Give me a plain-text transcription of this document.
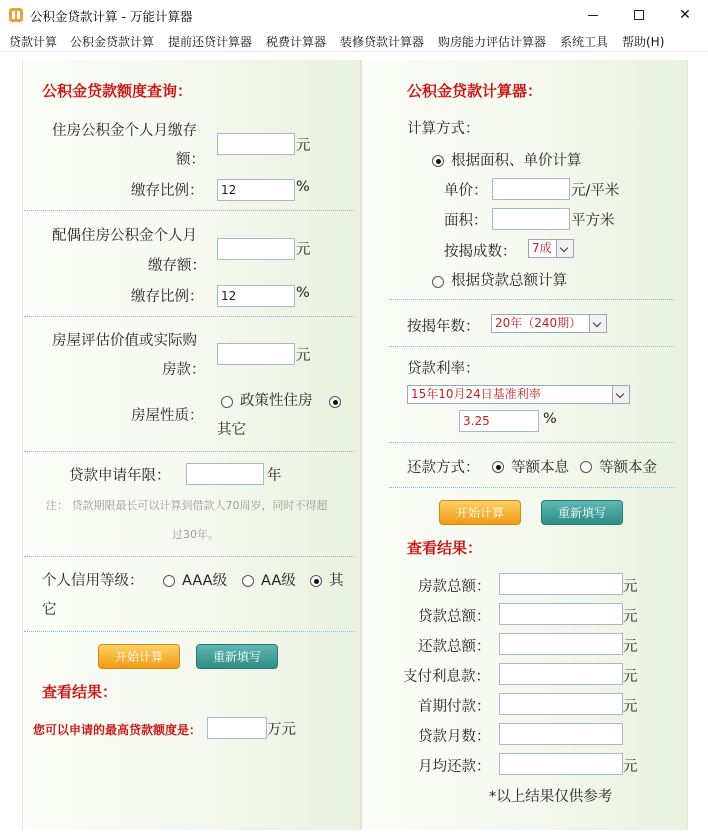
公积金贷款计算 - 万能计算器	✕
贷款计算 公积金贷款计算 提前还贷计算器 税费计算器 装修贷款计算器 购房能力评估计算器 系统工具 帮助(H)
公积金贷款额度查询：
住房公积金个人月缴存
额：
元
缴存比例：
12	%
配偶住房公积金个人月
缴存额：
元
缴存比例：
12	%
房屋评估价值或实际购
房款：
元
房屋性质：
政策性住房
其它
贷款申请年限：	年
注： 贷款期限最长可以计算到借款人70周岁，同时不得超
过30年。
个人信用等级：	AAA级 AA级 其
它
开始计算	重新填写
查看结果：
您可以申请的最高贷款额度是：	万元
公积金贷款计算器：
计算方式：
根据面积、单价计算
单价：	元/平米
面积：	平方米
按揭成数：	7成
根据贷款总额计算
按揭年数：	20年（240期）
贷款利率：
15年10月24日基准利率
3.25
%
还款方式： 等额本息 等额本金
开始计算	重新填写
查看结果：
房款总额：	元
贷款总额：	元
还款总额：	元
支付利息款：	元
首期付款：	元
贷款月数：
月均还款：	元
*以上结果仅供参考
